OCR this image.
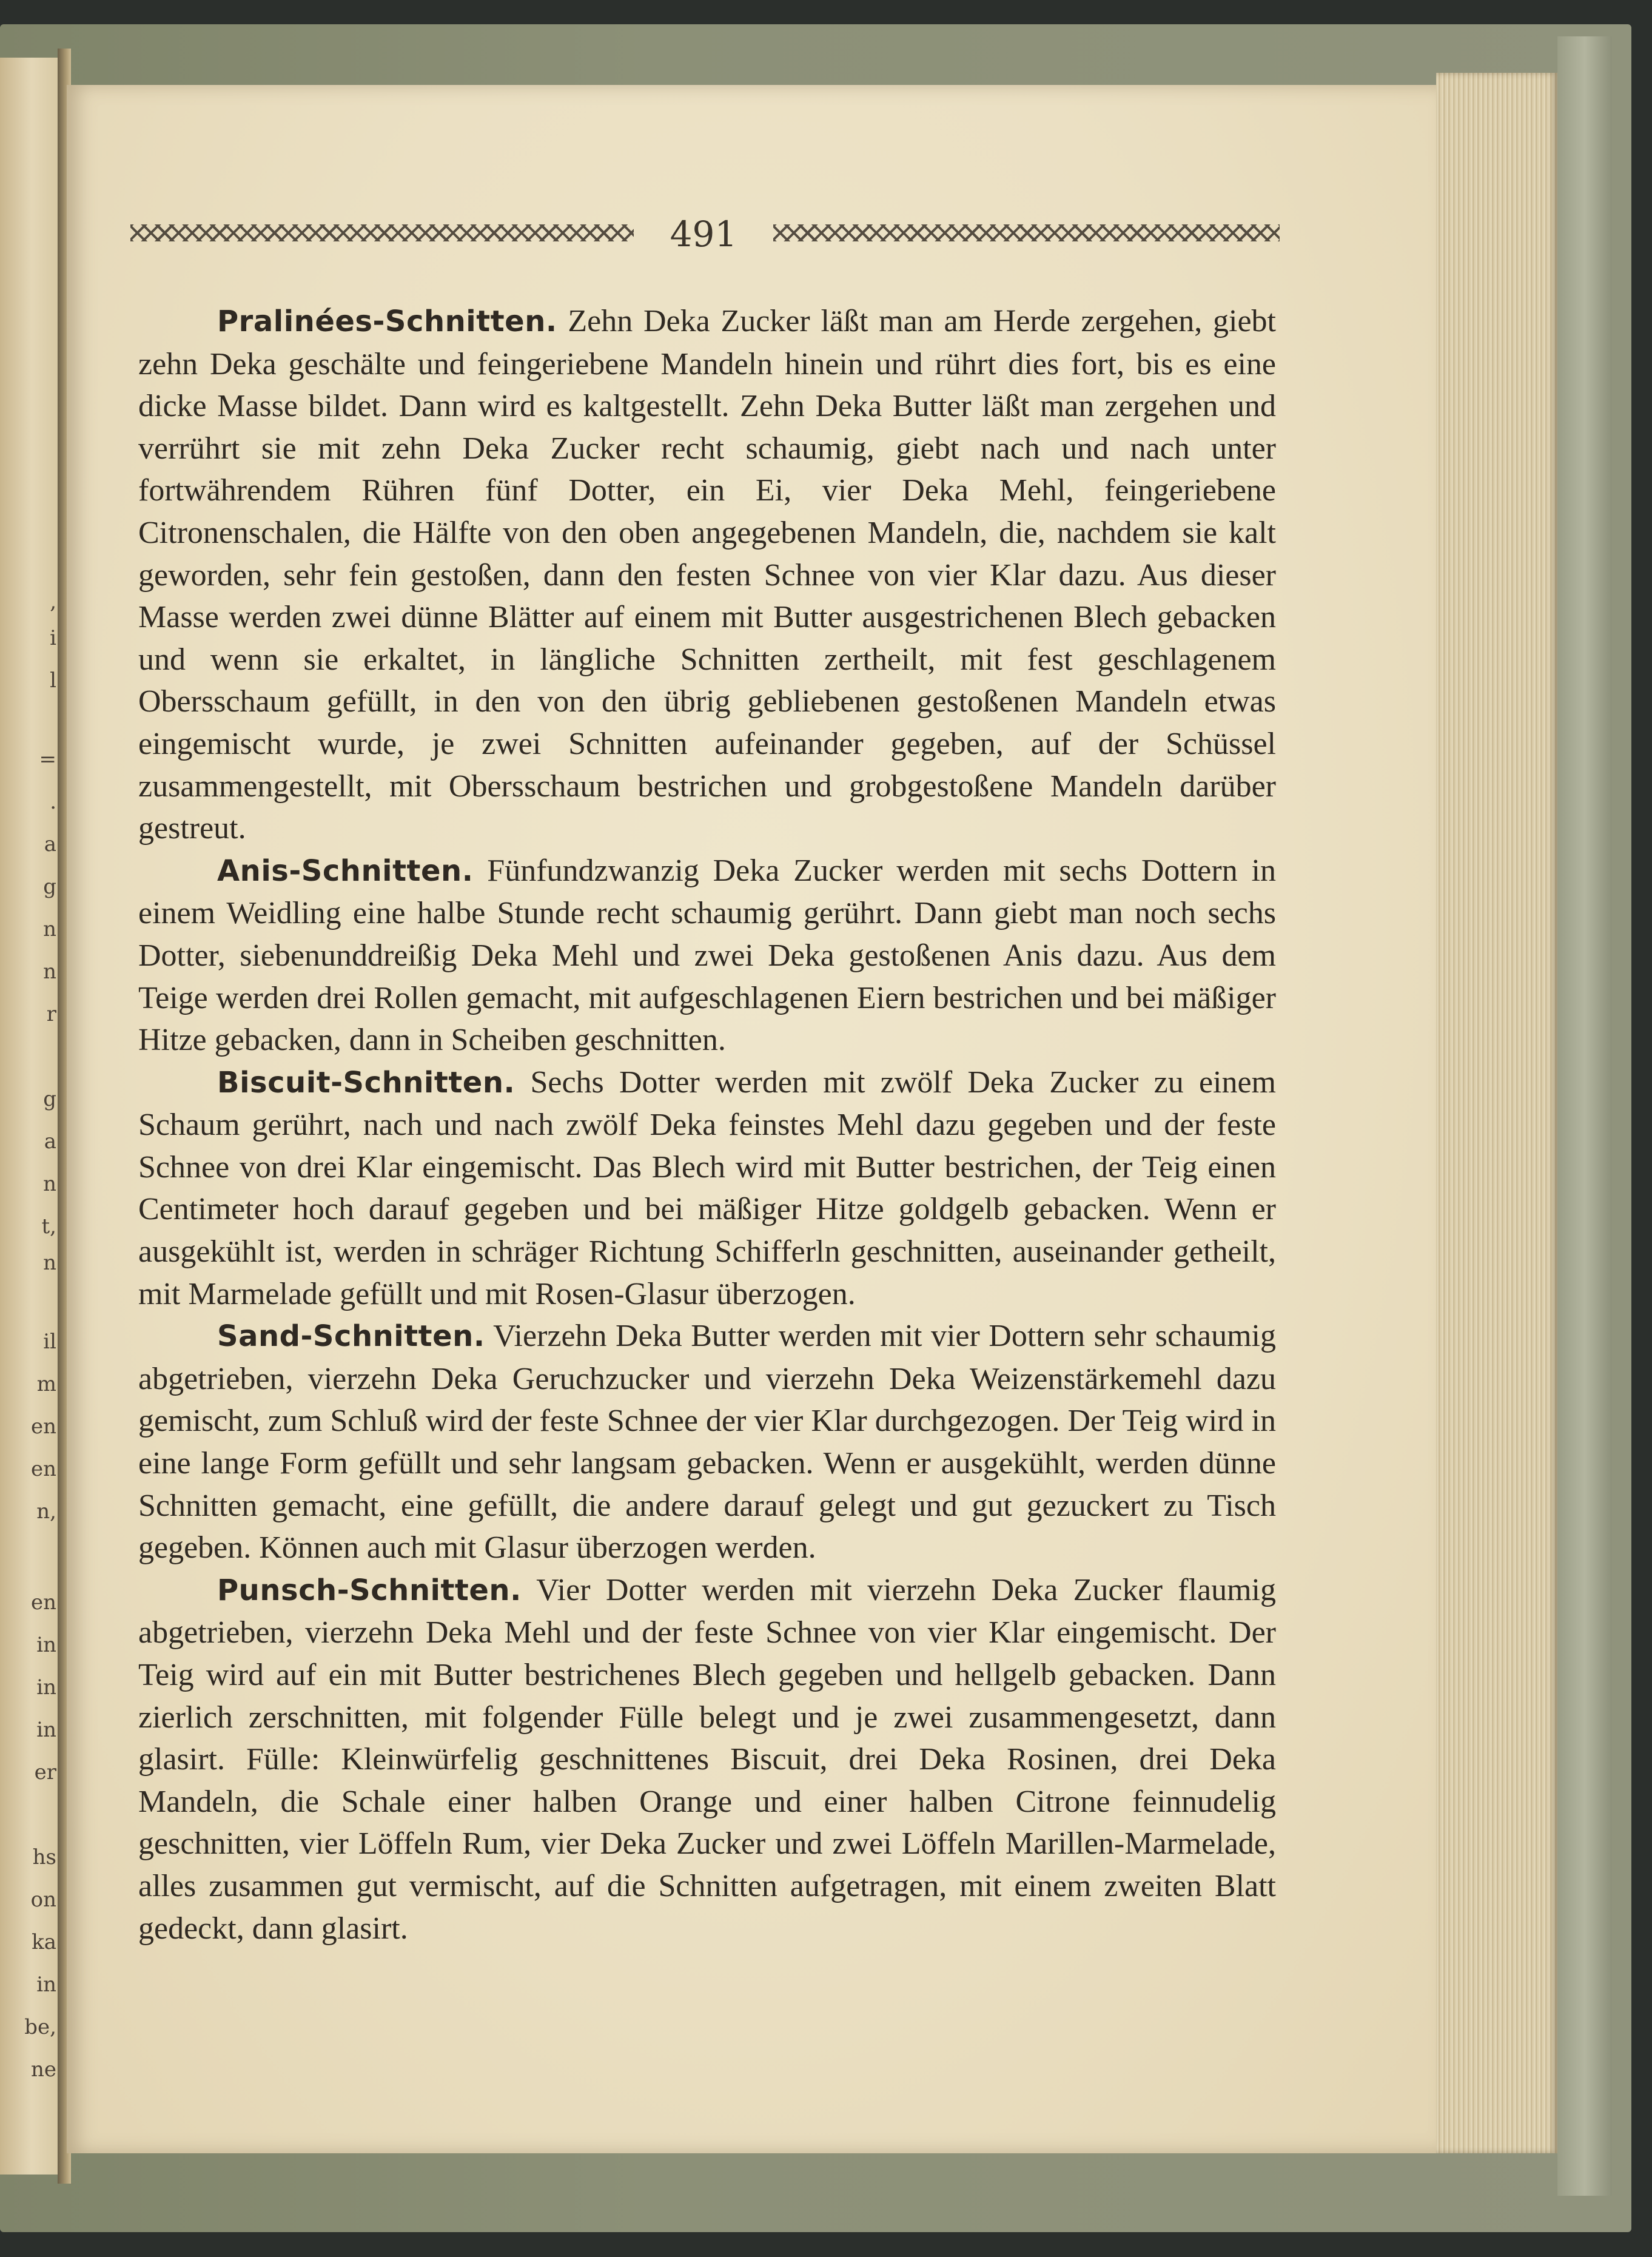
,
i
l
=
.
a
g
n
n
r
g
a
n
t,
n
il
m
en
en
n,
en
in
in
in
er
hs
on
ka
in
be,
ne
491

Pralinées-Schnitten. Zehn Deka Zucker läßt man am Herde zergehen, giebt zehn Deka geschälte und feingeriebene Mandeln hinein und rührt dies fort, bis es eine dicke Masse bildet. Dann wird es kaltgestellt. Zehn Deka Butter läßt man zergehen und verrührt sie mit zehn Deka Zucker recht schaumig, giebt nach und nach unter fortwährendem Rühren fünf Dotter, ein Ei, vier Deka Mehl, feingeriebene Citronenschalen, die Hälfte von den oben angegebenen Mandeln, die, nachdem sie kalt geworden, sehr fein gestoßen, dann den festen Schnee von vier Klar dazu. Aus dieser Masse werden zwei dünne Blätter auf einem mit Butter ausgestrichenen Blech gebacken und wenn sie erkaltet, in längliche Schnitten zertheilt, mit fest geschlagenem Obersschaum gefüllt, in den von den übrig gebliebenen gestoßenen Mandeln etwas eingemischt wurde, je zwei Schnitten aufeinander gegeben, auf der Schüssel zusammengestellt, mit Obersschaum bestrichen und grobgestoßene Mandeln darüber gestreut.

Anis-Schnitten. Fünfundzwanzig Deka Zucker werden mit sechs Dottern in einem Weidling eine halbe Stunde recht schaumig gerührt. Dann giebt man noch sechs Dotter, siebenunddreißig Deka Mehl und zwei Deka gestoßenen Anis dazu. Aus dem Teige werden drei Rollen gemacht, mit aufgeschlagenen Eiern bestrichen und bei mäßiger Hitze gebacken, dann in Scheiben geschnitten.

Biscuit-Schnitten. Sechs Dotter werden mit zwölf Deka Zucker zu einem Schaum gerührt, nach und nach zwölf Deka feinstes Mehl dazu gegeben und der feste Schnee von drei Klar eingemischt. Das Blech wird mit Butter bestrichen, der Teig einen Centimeter hoch darauf gegeben und bei mäßiger Hitze goldgelb gebacken. Wenn er ausgekühlt ist, werden in schräger Richtung Schifferln geschnitten, auseinander getheilt, mit Marmelade gefüllt und mit Rosen-Glasur überzogen.

Sand-Schnitten. Vierzehn Deka Butter werden mit vier Dottern sehr schaumig abgetrieben, vierzehn Deka Geruchzucker und vierzehn Deka Weizenstärkemehl dazu gemischt, zum Schluß wird der feste Schnee der vier Klar durchgezogen. Der Teig wird in eine lange Form gefüllt und sehr langsam gebacken. Wenn er ausgekühlt, werden dünne Schnitten gemacht, eine gefüllt, die andere darauf gelegt und gut gezuckert zu Tisch gegeben. Können auch mit Glasur überzogen werden.

Punsch-Schnitten. Vier Dotter werden mit vierzehn Deka Zucker flaumig abgetrieben, vierzehn Deka Mehl und der feste Schnee von vier Klar eingemischt. Der Teig wird auf ein mit Butter bestrichenes Blech gegeben und hellgelb gebacken. Dann zierlich zerschnitten, mit folgender Fülle belegt und je zwei zusammengesetzt, dann glasirt. Fülle: Kleinwürfelig geschnittenes Biscuit, drei Deka Rosinen, drei Deka Mandeln, die Schale einer halben Orange und einer halben Citrone feinnudelig geschnitten, vier Löffeln Rum, vier Deka Zucker und zwei Löffeln Marillen-Marmelade, alles zusammen gut vermischt, auf die Schnitten aufgetragen, mit einem zweiten Blatt gedeckt, dann glasirt.
